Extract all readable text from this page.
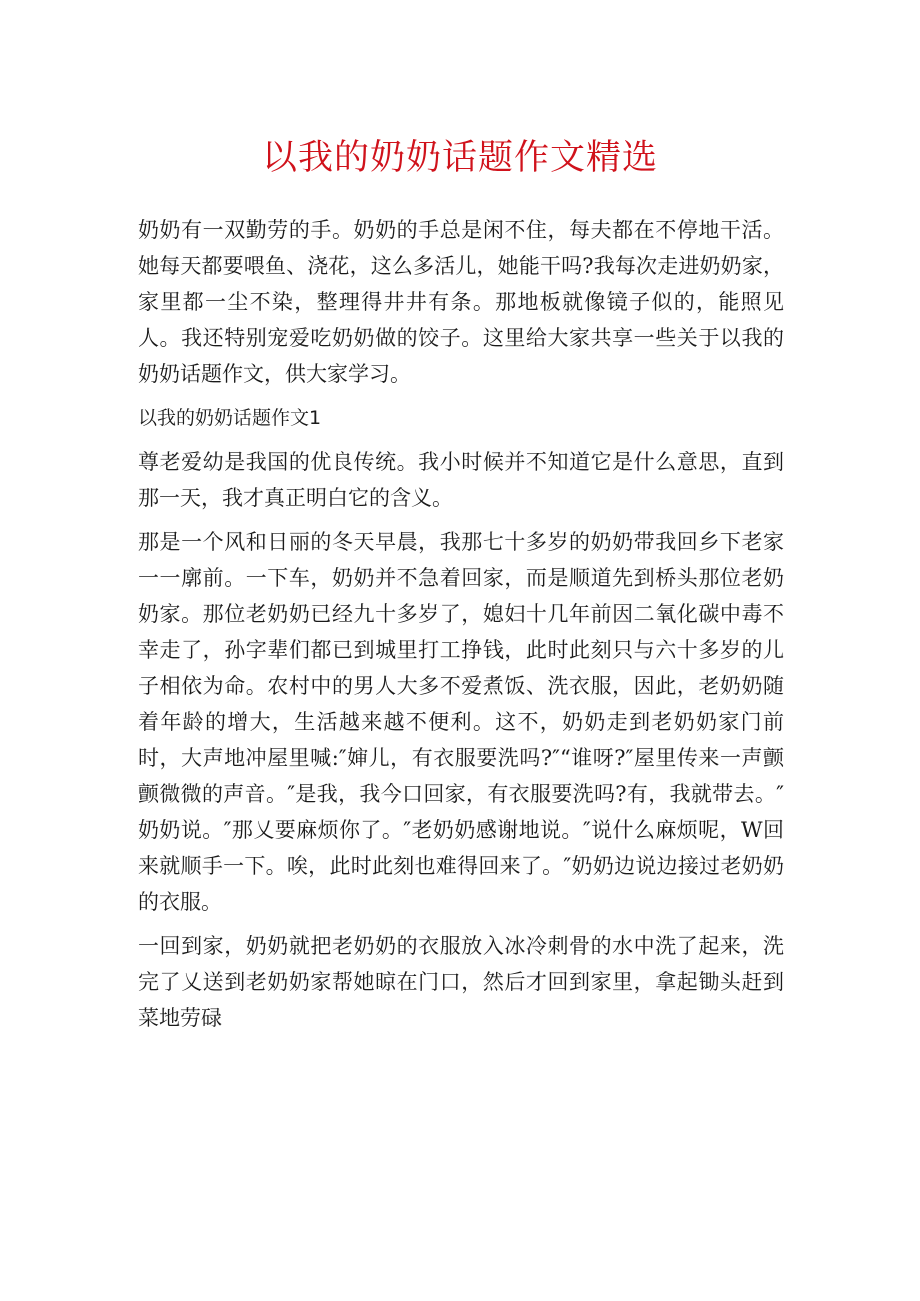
以我的奶奶话题作文精选

奶奶有一双勤劳的手。奶奶的手总是闲不住，每夫都在不停地干活。她每天都要喂鱼、浇花，这么多活儿，她能干吗?我每次走进奶奶家，家里都一尘不染，整理得井井有条。那地板就像镜子似的，能照见人。我还特别宠爱吃奶奶做的饺子。这里给大家共享一些关于以我的奶奶话题作文，供大家学习。

以我的奶奶话题作文1

尊老爱幼是我国的优良传统。我小时候并不知道它是什么意思，直到那一天，我才真正明白它的含义。

那是一个风和日丽的冬天早晨，我那七十多岁的奶奶带我回乡下老家一一廓前。一下车，奶奶并不急着回家，而是顺道先到桥头那位老奶奶家。那位老奶奶已经九十多岁了，媳妇十几年前因二氧化碳中毒不幸走了，孙字辈们都已到城里打工挣钱，此时此刻只与六十多岁的儿子相依为命。农村中的男人大多不爱煮饭、洗衣服，因此，老奶奶随着年龄的增大，生活越来越不便利。这不，奶奶走到老奶奶家门前时，大声地冲屋里喊:″婶儿，有衣服要洗吗?″“谁呀?″屋里传来一声颤颤微微的声音。″是我，我今口回家，有衣服要洗吗?有，我就带去。″奶奶说。″那乂要麻烦你了。″老奶奶感谢地说。″说什么麻烦呢，W回来就顺手一下。唉，此时此刻也难得回来了。″奶奶边说边接过老奶奶的衣服。

一回到家，奶奶就把老奶奶的衣服放入冰冷刺骨的水中洗了起来，洗完了乂送到老奶奶家帮她晾在门口，然后才回到家里，拿起锄头赶到菜地劳碌
